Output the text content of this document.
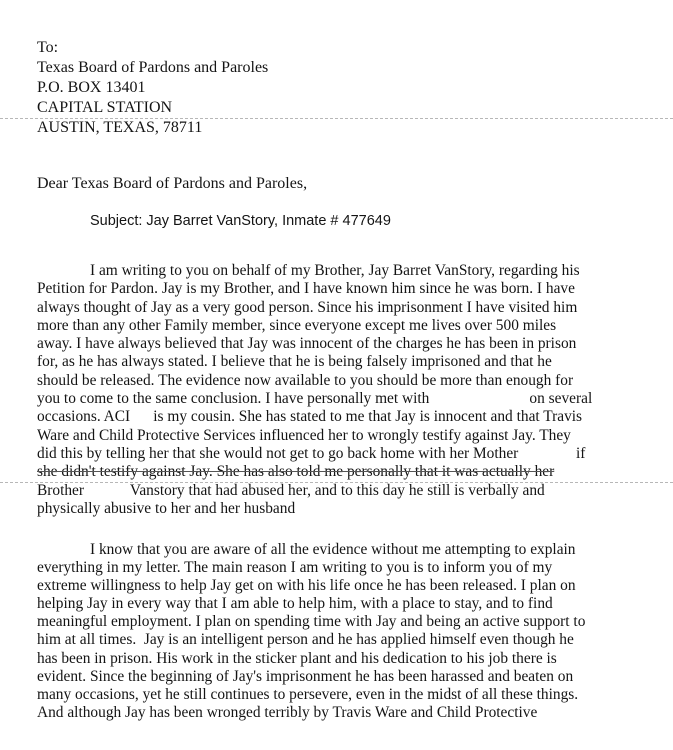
To:
Texas Board of Pardons and Paroles
P.O. BOX 13401
CAPITAL STATION
AUSTIN, TEXAS, 78711
Dear Texas Board of Pardons and Paroles,
Subject: Jay Barret VanStory, Inmate # 477649
I am writing to you on behalf of my Brother, Jay Barret VanStory, regarding his
Petition for Pardon. Jay is my Brother, and I have known him since he was born. I have
always thought of Jay as a very good person. Since his imprisonment I have visited him
more than any other Family member, since everyone except me lives over 500 miles
away. I have always believed that Jay was innocent of the charges he has been in prison
for, as he has always stated. I believe that he is being falsely imprisoned and that he
should be released. The evidence now available to you should be more than enough for
you to come to the same conclusion. I have personally met with                          on several
occasions. ACI      is my cousin. She has stated to me that Jay is innocent and that Travis
Ware and Child Protective Services influenced her to wrongly testify against Jay. They
did this by telling her that she would not get to go back home with her Mother               if
she didn't testify against Jay. She has also told me personally that it was actually her
Brother            Vanstory that had abused her, and to this day he still is verbally and
physically abusive to her and her husband
I know that you are aware of all the evidence without me attempting to explain
everything in my letter. The main reason I am writing to you is to inform you of my
extreme willingness to help Jay get on with his life once he has been released. I plan on
helping Jay in every way that I am able to help him, with a place to stay, and to find
meaningful employment. I plan on spending time with Jay and being an active support to
him at all times.  Jay is an intelligent person and he has applied himself even though he
has been in prison. His work in the sticker plant and his dedication to his job there is
evident. Since the beginning of Jay's imprisonment he has been harassed and beaten on
many occasions, yet he still continues to persevere, even in the midst of all these things.
And although Jay has been wronged terribly by Travis Ware and Child Protective
